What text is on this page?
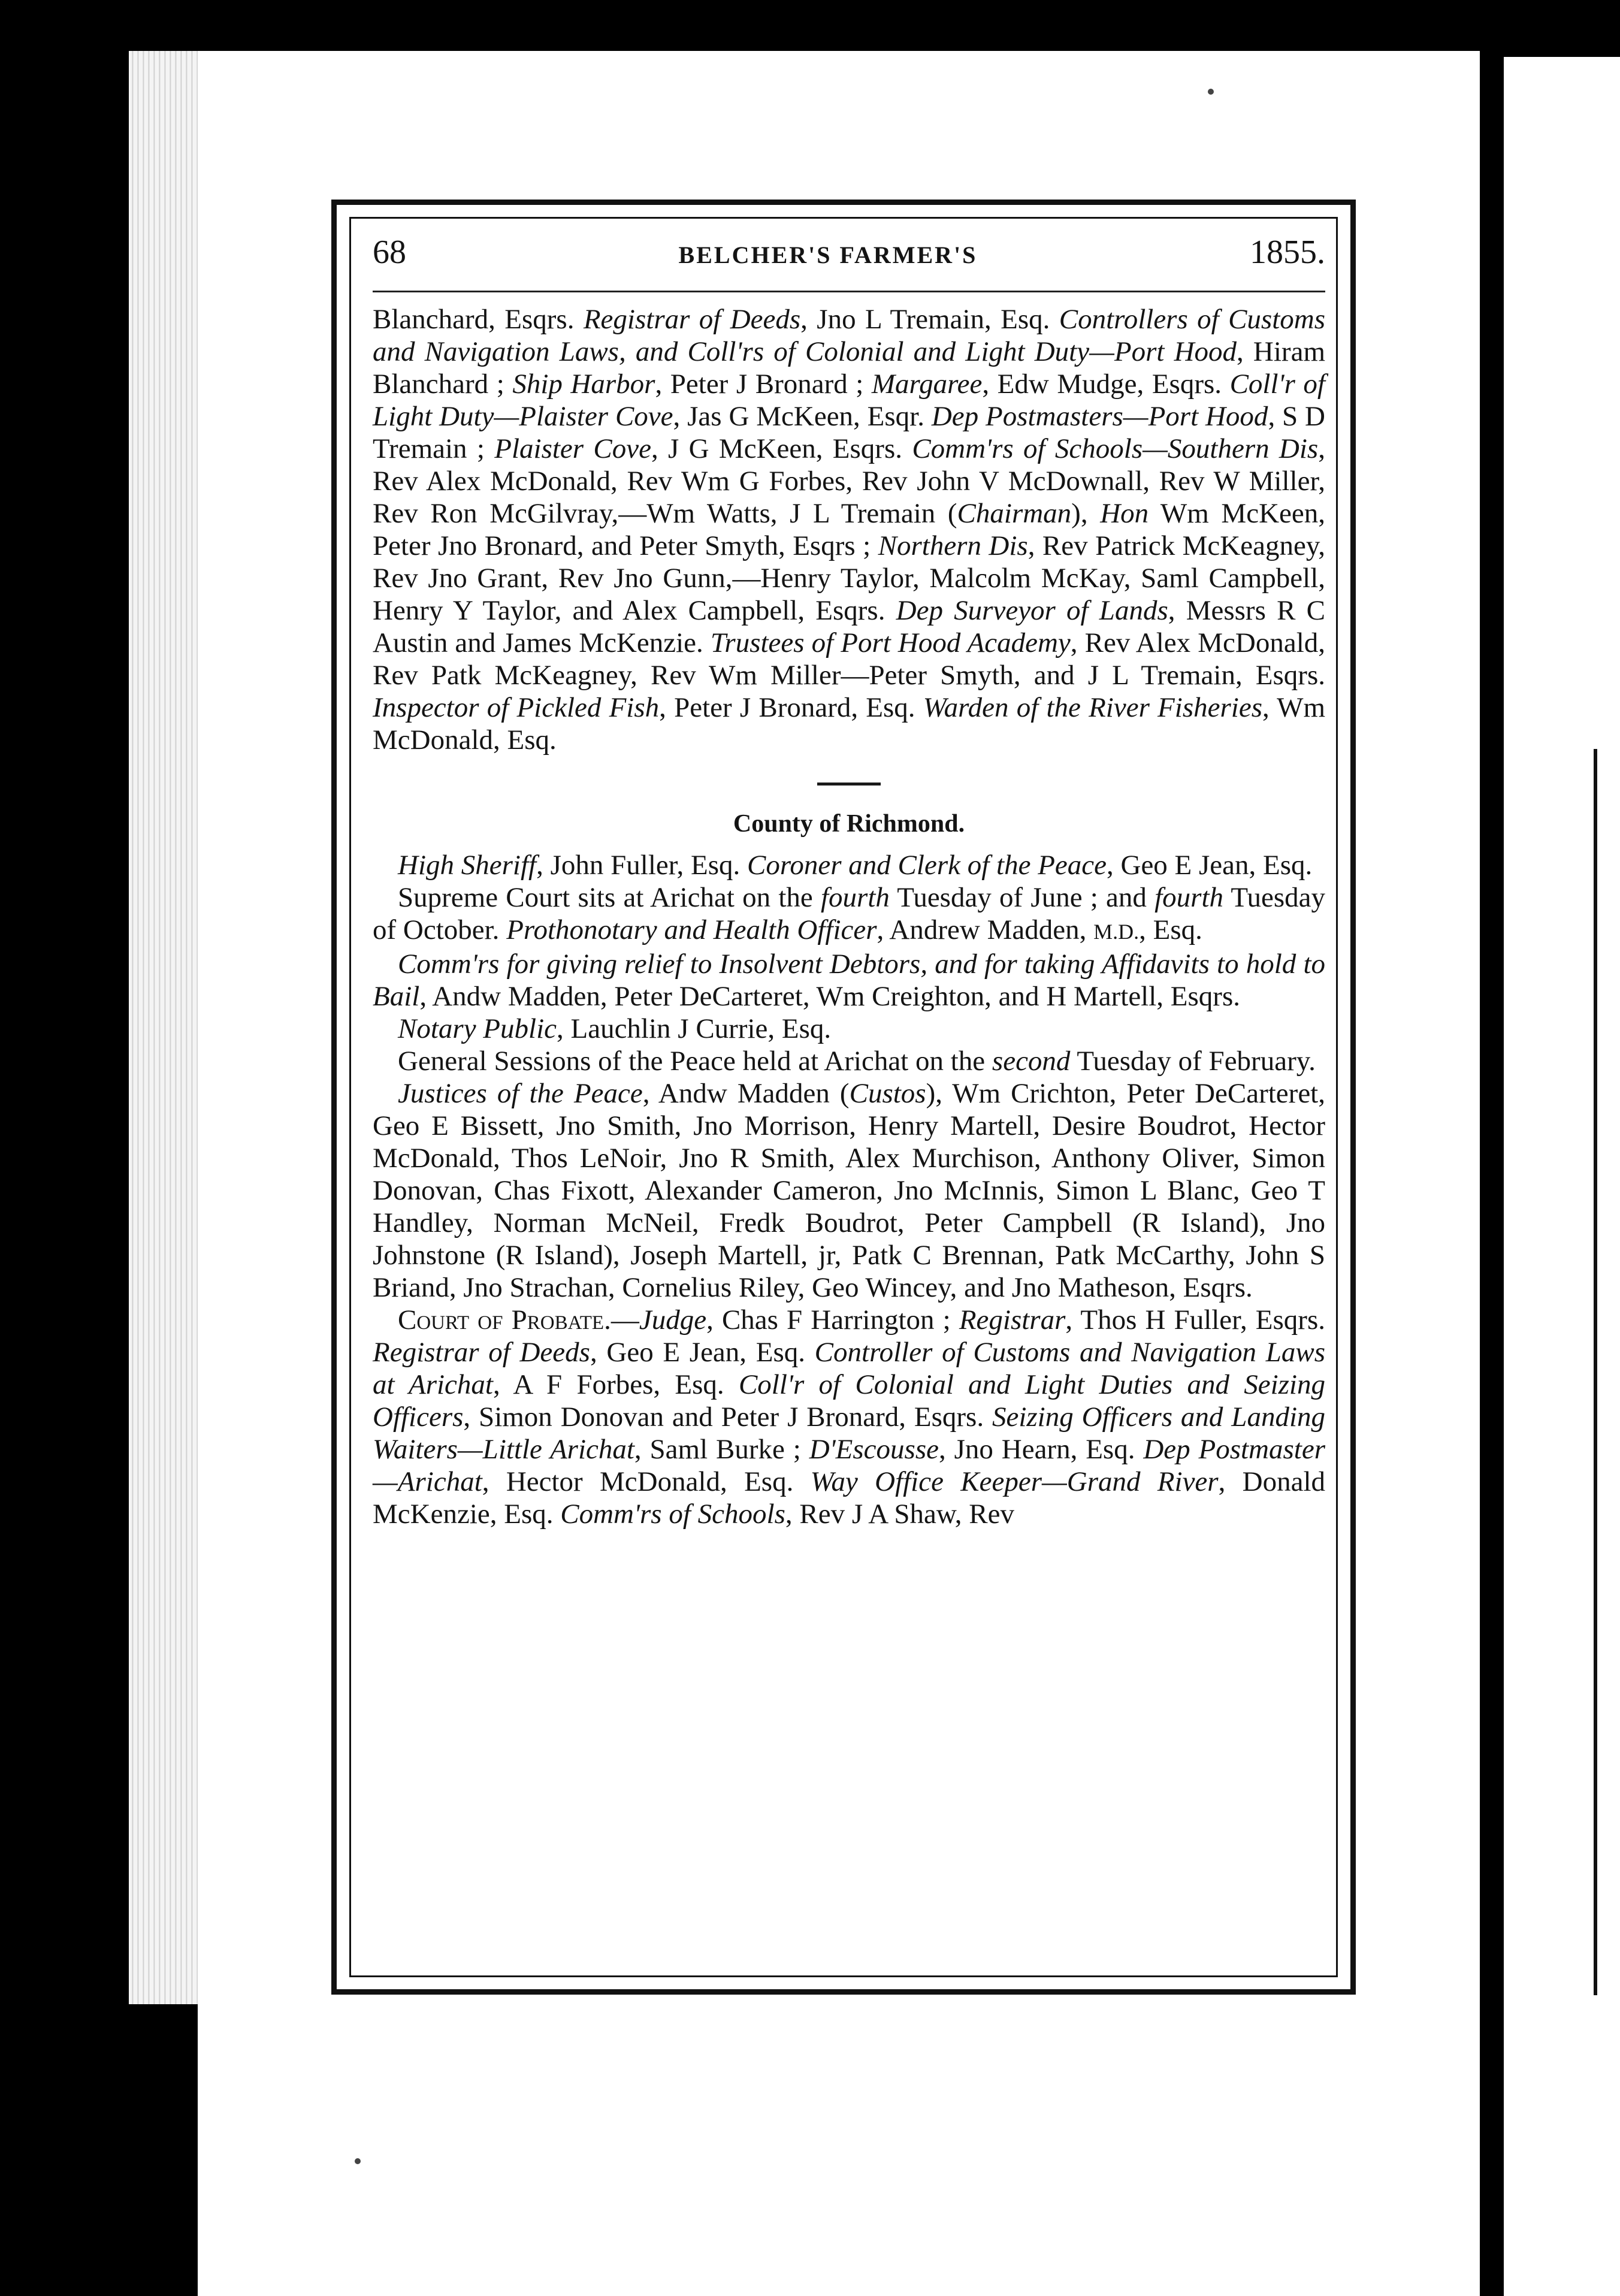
68	BELCHER'S FARMER'S	1855.

Blanchard, Esqrs. Registrar of Deeds, Jno L Tremain, Esq. Controllers of Customs and Navigation Laws, and Coll'rs of Colonial and Light Duty—Port Hood, Hiram Blanchard ; Ship Harbor, Peter J Bronard ; Margaree, Edw Mudge, Esqrs. Coll'r of Light Duty—Plaister Cove, Jas G McKeen, Esqr. Dep Postmasters—Port Hood, S D Tremain ; Plaister Cove, J G McKeen, Esqrs. Comm'rs of Schools—Southern Dis, Rev Alex McDonald, Rev Wm G Forbes, Rev John V McDownall, Rev W Miller, Rev Ron McGilvray,—Wm Watts, J L Tremain (Chairman), Hon Wm McKeen, Peter Jno Bronard, and Peter Smyth, Esqrs ; Northern Dis, Rev Patrick McKeagney, Rev Jno Grant, Rev Jno Gunn,—Henry Taylor, Malcolm McKay, Saml Campbell, Henry Y Taylor, and Alex Campbell, Esqrs. Dep Surveyor of Lands, Messrs R C Austin and James McKenzie. Trustees of Port Hood Academy, Rev Alex McDonald, Rev Patk McKeagney, Rev Wm Miller—Peter Smyth, and J L Tremain, Esqrs. Inspector of Pickled Fish, Peter J Bronard, Esq. Warden of the River Fisheries, Wm McDonald, Esq.

County of Richmond.

High Sheriff, John Fuller, Esq. Coroner and Clerk of the Peace, Geo E Jean, Esq.

Supreme Court sits at Arichat on the fourth Tuesday of June ; and fourth Tuesday of October. Prothonotary and Health Officer, Andrew Madden, M.D., Esq.

Comm'rs for giving relief to Insolvent Debtors, and for taking Affidavits to hold to Bail, Andw Madden, Peter DeCarteret, Wm Creighton, and H Martell, Esqrs.

Notary Public, Lauchlin J Currie, Esq.

General Sessions of the Peace held at Arichat on the second Tuesday of February.

Justices of the Peace, Andw Madden (Custos), Wm Crichton, Peter DeCarteret, Geo E Bissett, Jno Smith, Jno Morrison, Henry Martell, Desire Boudrot, Hector McDonald, Thos LeNoir, Jno R Smith, Alex Murchison, Anthony Oliver, Simon Donovan, Chas Fixott, Alexander Cameron, Jno McInnis, Simon L Blanc, Geo T Handley, Norman McNeil, Fredk Boudrot, Peter Campbell (R Island), Jno Johnstone (R Island), Joseph Martell, jr, Patk C Brennan, Patk McCarthy, John S Briand, Jno Strachan, Cornelius Riley, Geo Wincey, and Jno Matheson, Esqrs.

Court of Probate.—Judge, Chas F Harrington ; Registrar, Thos H Fuller, Esqrs. Registrar of Deeds, Geo E Jean, Esq. Controller of Customs and Navigation Laws at Arichat, A F Forbes, Esq. Coll'r of Colonial and Light Duties and Seizing Officers, Simon Donovan and Peter J Bronard, Esqrs. Seizing Officers and Landing Waiters—Little Arichat, Saml Burke ; D'Escousse, Jno Hearn, Esq. Dep Postmaster—Arichat, Hector McDonald, Esq. Way Office Keeper—Grand River, Donald McKenzie, Esq. Comm'rs of Schools, Rev J A Shaw, Rev
